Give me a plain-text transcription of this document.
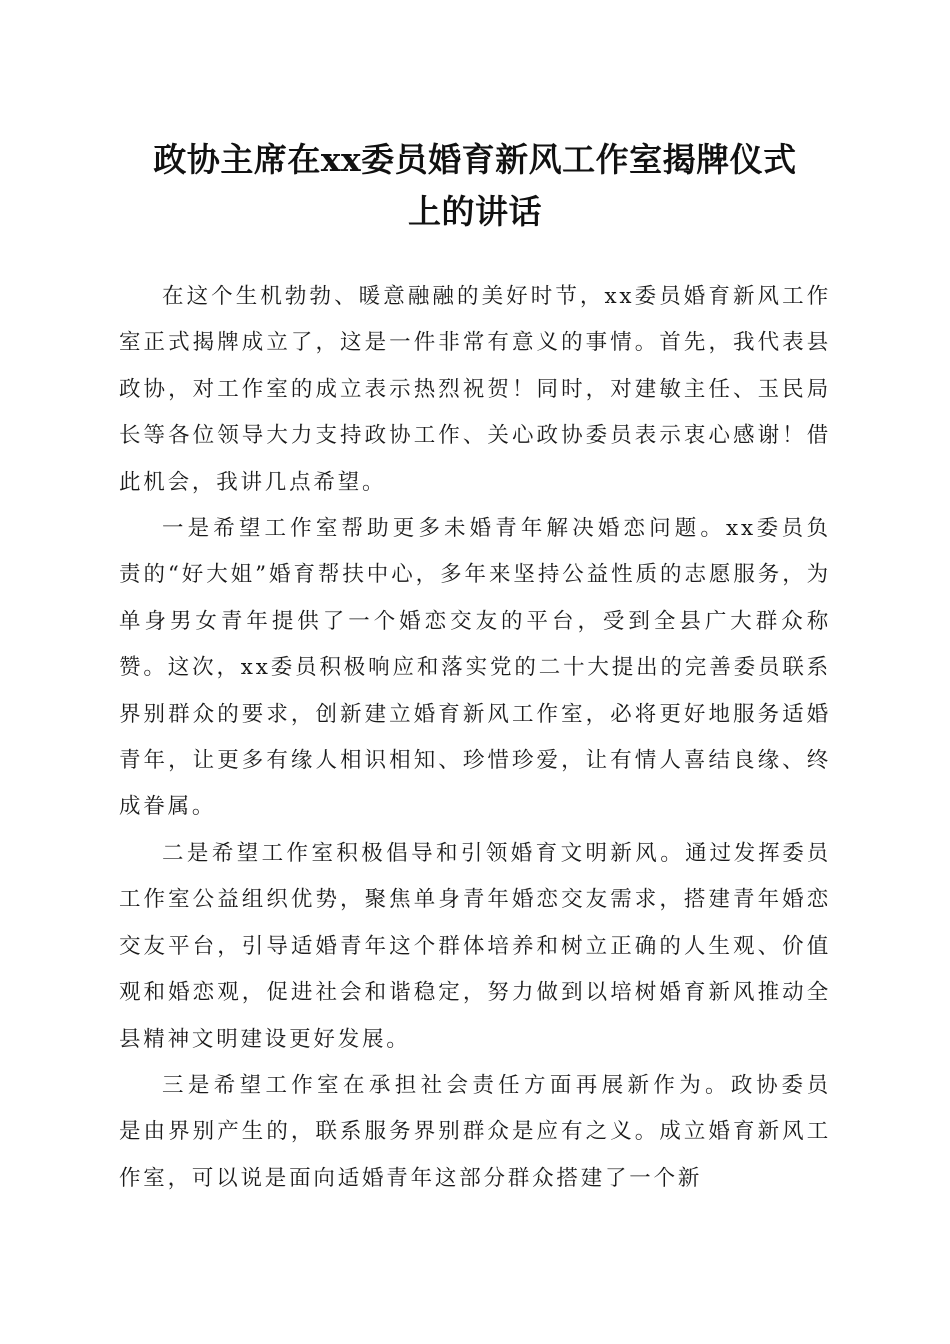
政协主席在xx委员婚育新风工作室揭牌仪式
上的讲话

在这个生机勃勃、暖意融融的美好时节，xx委员婚育新风工作室正式揭牌成立了，这是一件非常有意义的事情。首先，我代表县政协，对工作室的成立表示热烈祝贺！同时，对建敏主任、玉民局长等各位领导大力支持政协工作、关心政协委员表示衷心感谢！借此机会，我讲几点希望。

一是希望工作室帮助更多未婚青年解决婚恋问题。xx委员负责的“好大姐”婚育帮扶中心，多年来坚持公益性质的志愿服务，为单身男女青年提供了一个婚恋交友的平台，受到全县广大群众称赞。这次，xx委员积极响应和落实党的二十大提出的完善委员联系界别群众的要求，创新建立婚育新风工作室，必将更好地服务适婚青年，让更多有缘人相识相知、珍惜珍爱，让有情人喜结良缘、终成眷属。

二是希望工作室积极倡导和引领婚育文明新风。通过发挥委员工作室公益组织优势，聚焦单身青年婚恋交友需求，搭建青年婚恋交友平台，引导适婚青年这个群体培养和树立正确的人生观、价值观和婚恋观，促进社会和谐稳定，努力做到以培树婚育新风推动全县精神文明建设更好发展。

三是希望工作室在承担社会责任方面再展新作为。政协委员是由界别产生的，联系服务界别群众是应有之义。成立婚育新风工作室，可以说是面向适婚青年这部分群众搭建了一个新
